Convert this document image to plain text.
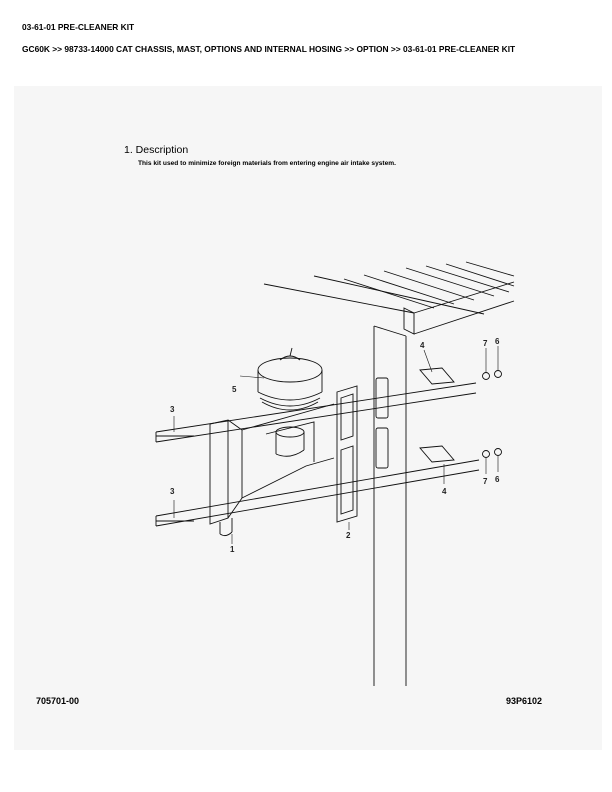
03-61-01 PRE-CLEANER KIT
GC60K >> 98733-14000 CAT CHASSIS, MAST, OPTIONS AND INTERNAL HOSING >> OPTION >> 03-61-01 PRE-CLEANER KIT
1. Description
This kit used to minimize foreign materials from entering engine air intake system.
1
2
3
3
4
4
5
6
6
7
7
705701-00	93P6102
